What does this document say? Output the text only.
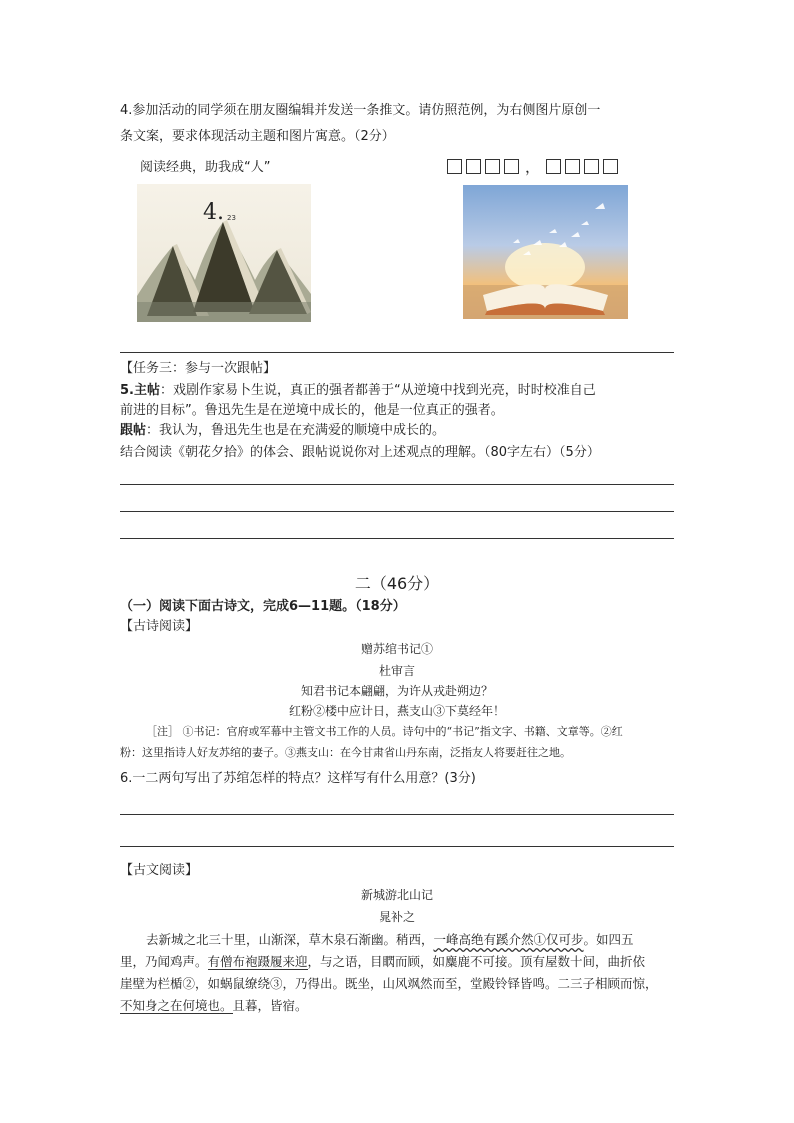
4.参加活动的同学须在朋友圈编辑并发送一条推文。请仿照范例，为右侧图片原创一
条文案，要求体现活动主题和图片寓意。（2分）
阅读经典，助我成“人”	，
4. 23
【任务三：参与一次跟帖】
5.主帖：戏剧作家易卜生说，真正的强者都善于“从逆境中找到光亮，时时校准自己
前进的目标”。鲁迅先生是在逆境中成长的，他是一位真正的强者。
跟帖：我认为，鲁迅先生也是在充满爱的顺境中成长的。
结合阅读《朝花夕拾》的体会、跟帖说说你对上述观点的理解。（80字左右）（5分）
二（46分）
（一）阅读下面古诗文，完成6—11题。（18分）
【古诗阅读】
赠苏绾书记①
杜审言
知君书记本翩翩，为许从戎赴朔边？
红粉②楼中应计日，燕支山③下莫经年！
［注］ ①书记：官府或军幕中主管文书工作的人员。诗句中的“书记”指文字、书籍、文章等。②红
粉：这里指诗人好友苏绾的妻子。③燕支山：在今甘肃省山丹东南，泛指友人将要赶往之地。
6.一二两句写出了苏绾怎样的特点？这样写有什么用意？(3分)
【古文阅读】
新城游北山记
晁补之
去新城之北三十里，山渐深，草木泉石渐幽。稍西，一峰高绝有蹊介然①仅可步。如四五
里，乃闻鸡声。有僧布袍蹑履来迎，与之语，目䁡而顾，如麋鹿不可接。顶有屋数十间，曲折依
崖壁为栏楯②，如蜗鼠缭绕③，乃得出。既坐，山风飒然而至，堂殿铃铎皆鸣。二三子相顾而惊，
不知身之在何境也。且暮，皆宿。
